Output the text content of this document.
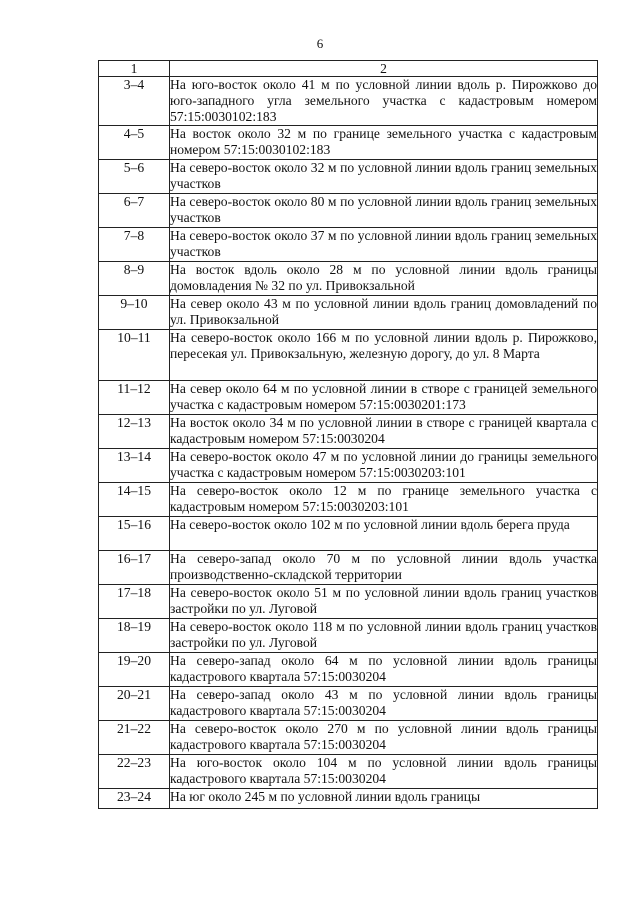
6
1	2
3–4	На юго-восток около 41 м по условной линии вдоль р. Пирожково до юго-западного угла земельного участка с кадастровым номером 57:15:0030102:183
4–5	На восток около 32 м по границе земельного участка с кадастровым номером 57:15:0030102:183
5–6	На северо-восток около 32 м по условной линии вдоль границ земельных участков
6–7	На северо-восток около 80 м по условной линии вдоль границ земельных участков
7–8	На северо-восток около 37 м по условной линии вдоль границ земельных участков
8–9	На восток вдоль около 28 м по условной линии вдоль границы домовладения № 32 по ул. Привокзальной
9–10	На север около 43 м по условной линии вдоль границ домовладений по ул. Привокзальной
10–11	На северо-восток около 166 м по условной линии вдоль р. Пирожково, пересекая ул. Привокзальную, железную дорогу, до ул. 8 Марта
11–12	На север около 64 м по условной линии в створе с границей земельного участка с кадастровым номером 57:15:0030201:173
12–13	На восток около 34 м по условной линии в створе с границей квартала с кадастровым номером 57:15:0030204
13–14	На северо-восток около 47 м по условной линии до границы земельного участка с кадастровым номером 57:15:0030203:101
14–15	На северо-восток около 12 м по границе земельного участка с кадастровым номером 57:15:0030203:101
15–16	На северо-восток около 102 м по условной линии вдоль берега пруда
16–17	На северо-запад около 70 м по условной линии вдоль участка производственно-складской территории
17–18	На северо-восток около 51 м по условной линии вдоль границ участков застройки по ул. Луговой
18–19	На северо-восток около 118 м по условной линии вдоль границ участков застройки по ул. Луговой
19–20	На северо-запад около 64 м по условной линии вдоль границы кадастрового квартала 57:15:0030204
20–21	На северо-запад около 43 м по условной линии вдоль границы кадастрового квартала 57:15:0030204
21–22	На северо-восток около 270 м по условной линии вдоль границы кадастрового квартала 57:15:0030204
22–23	На юго-восток около 104 м по условной линии вдоль границы кадастрового квартала 57:15:0030204
23–24	На юг около 245 м по условной линии вдоль границы
